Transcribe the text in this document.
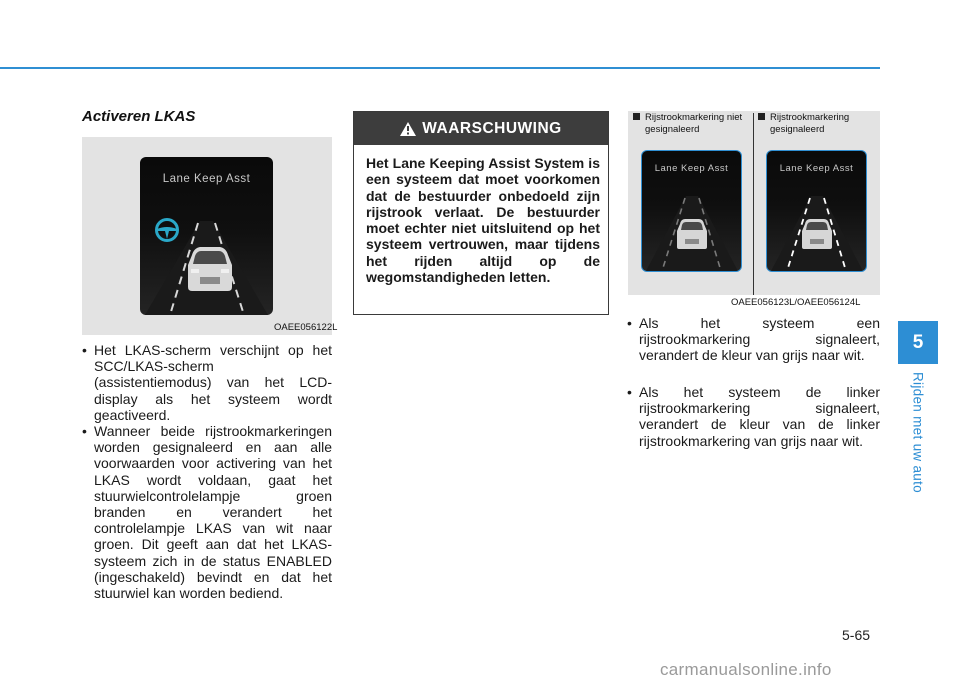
Activeren LKAS
Lane Keep Asst
OAEE056122L
• Het LKAS-scherm verschijnt op het SCC/LKAS-scherm (assistentiemodus) van het LCD-display als het systeem wordt geactiveerd.
• Wanneer beide rijstrookmarkeringen worden gesignaleerd en aan alle voorwaarden voor activering van het LKAS wordt voldaan, gaat het stuurwielcontrolelampje groen branden en verandert het controlelampje LKAS van wit naar groen. Dit geeft aan dat het LKAS-systeem zich in de status ENABLED (ingeschakeld) bevindt en dat het stuurwiel kan worden bediend.
WAARSCHUWING
Het Lane Keeping Assist System is een systeem dat moet voorkomen dat de bestuurder onbedoeld zijn rijstrook verlaat. De bestuurder moet echter niet uitsluitend op het systeem vertrouwen, maar tijdens het rijden altijd op de wegomstandigheden letten.
Rijstrookmarkering niet gesignaleerd
Rijstrookmarkering gesignaleerd
Lane Keep Asst	Lane Keep Asst
OAEE056123L/OAEE056124L
• Als het systeem een rijstrookmarkering signaleert, verandert de kleur van grijs naar wit.
• Als het systeem de linker rijstrookmarkering signaleert, verandert de kleur van de linker rijstrookmarkering van grijs naar wit.
5
Rijden met uw auto
5-65
carmanualsonline.info
